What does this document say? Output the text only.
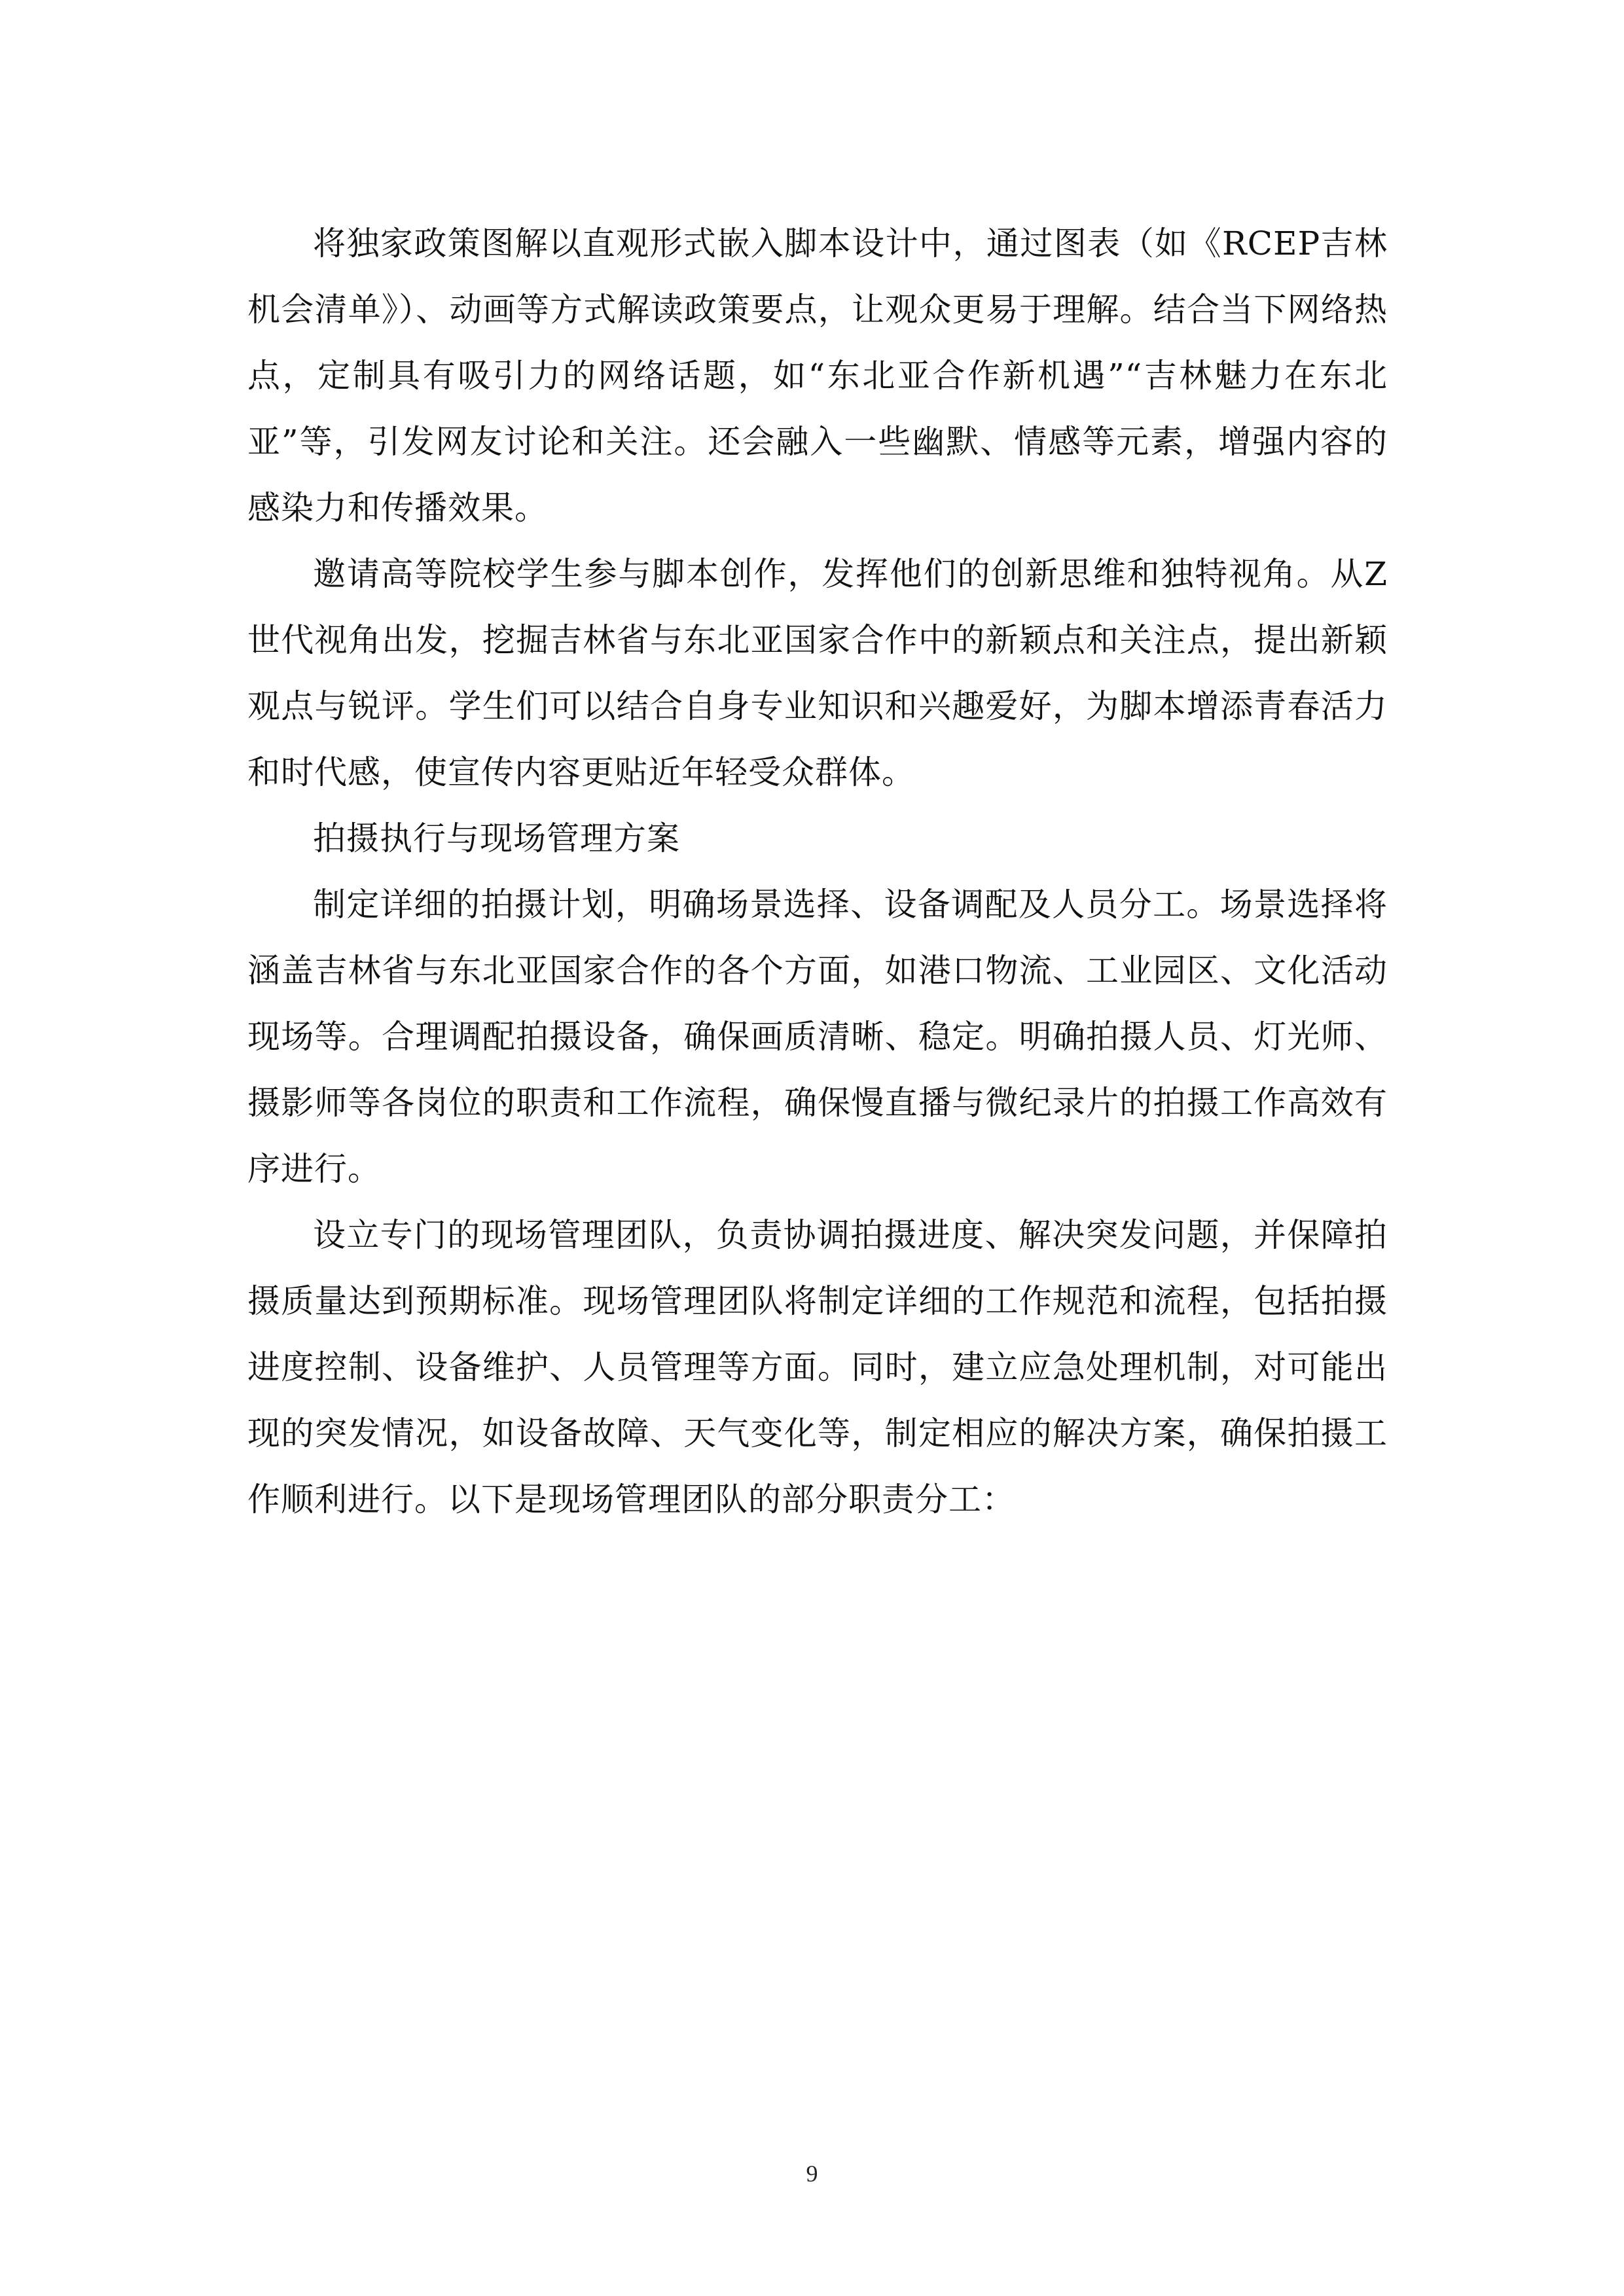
将独家政策图解以直观形式嵌入脚本设计中，通过图表（如《RCEP吉林机会清单》）、动画等方式解读政策要点，让观众更易于理解。结合当下网络热点，定制具有吸引力的网络话题，如“东北亚合作新机遇”“吉林魅力在东北亚”等，引发网友讨论和关注。还会融入一些幽默、情感等元素，增强内容的感染力和传播效果。

邀请高等院校学生参与脚本创作，发挥他们的创新思维和独特视角。从Z世代视角出发，挖掘吉林省与东北亚国家合作中的新颖点和关注点，提出新颖观点与锐评。学生们可以结合自身专业知识和兴趣爱好，为脚本增添青春活力和时代感，使宣传内容更贴近年轻受众群体。

拍摄执行与现场管理方案

制定详细的拍摄计划，明确场景选择、设备调配及人员分工。场景选择将涵盖吉林省与东北亚国家合作的各个方面，如港口物流、工业园区、文化活动现场等。合理调配拍摄设备，确保画质清晰、稳定。明确拍摄人员、灯光师、摄影师等各岗位的职责和工作流程，确保慢直播与微纪录片的拍摄工作高效有序进行。

设立专门的现场管理团队，负责协调拍摄进度、解决突发问题，并保障拍摄质量达到预期标准。现场管理团队将制定详细的工作规范和流程，包括拍摄进度控制、设备维护、人员管理等方面。同时，建立应急处理机制，对可能出现的突发情况，如设备故障、天气变化等，制定相应的解决方案，确保拍摄工作顺利进行。以下是现场管理团队的部分职责分工：

9
